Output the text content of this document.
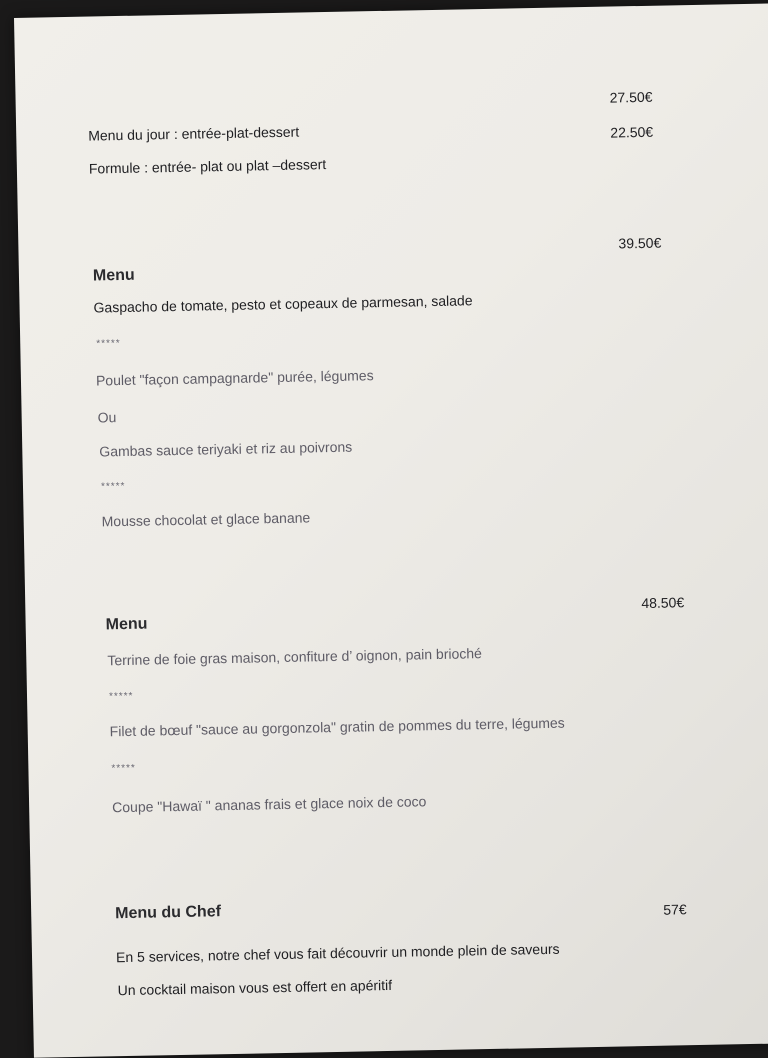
27.50€
Menu du jour : entrée-plat-dessert	22.50€
Formule : entrée- plat ou plat –dessert
39.50€
Menu
Gaspacho de tomate, pesto et copeaux de parmesan, salade
*****
Poulet "façon campagnarde" purée, légumes
Ou
Gambas sauce teriyaki et riz au poivrons
*****
Mousse chocolat et glace banane
48.50€
Menu
Terrine de foie gras maison, confiture d’ oignon, pain brioché
*****
Filet de bœuf "sauce au gorgonzola" gratin de pommes du terre, légumes
*****
Coupe "Hawaï " ananas frais et glace noix de coco
Menu du Chef	57€
En 5 services, notre chef vous fait découvrir un monde plein de saveurs
Un cocktail maison vous est offert en apéritif
